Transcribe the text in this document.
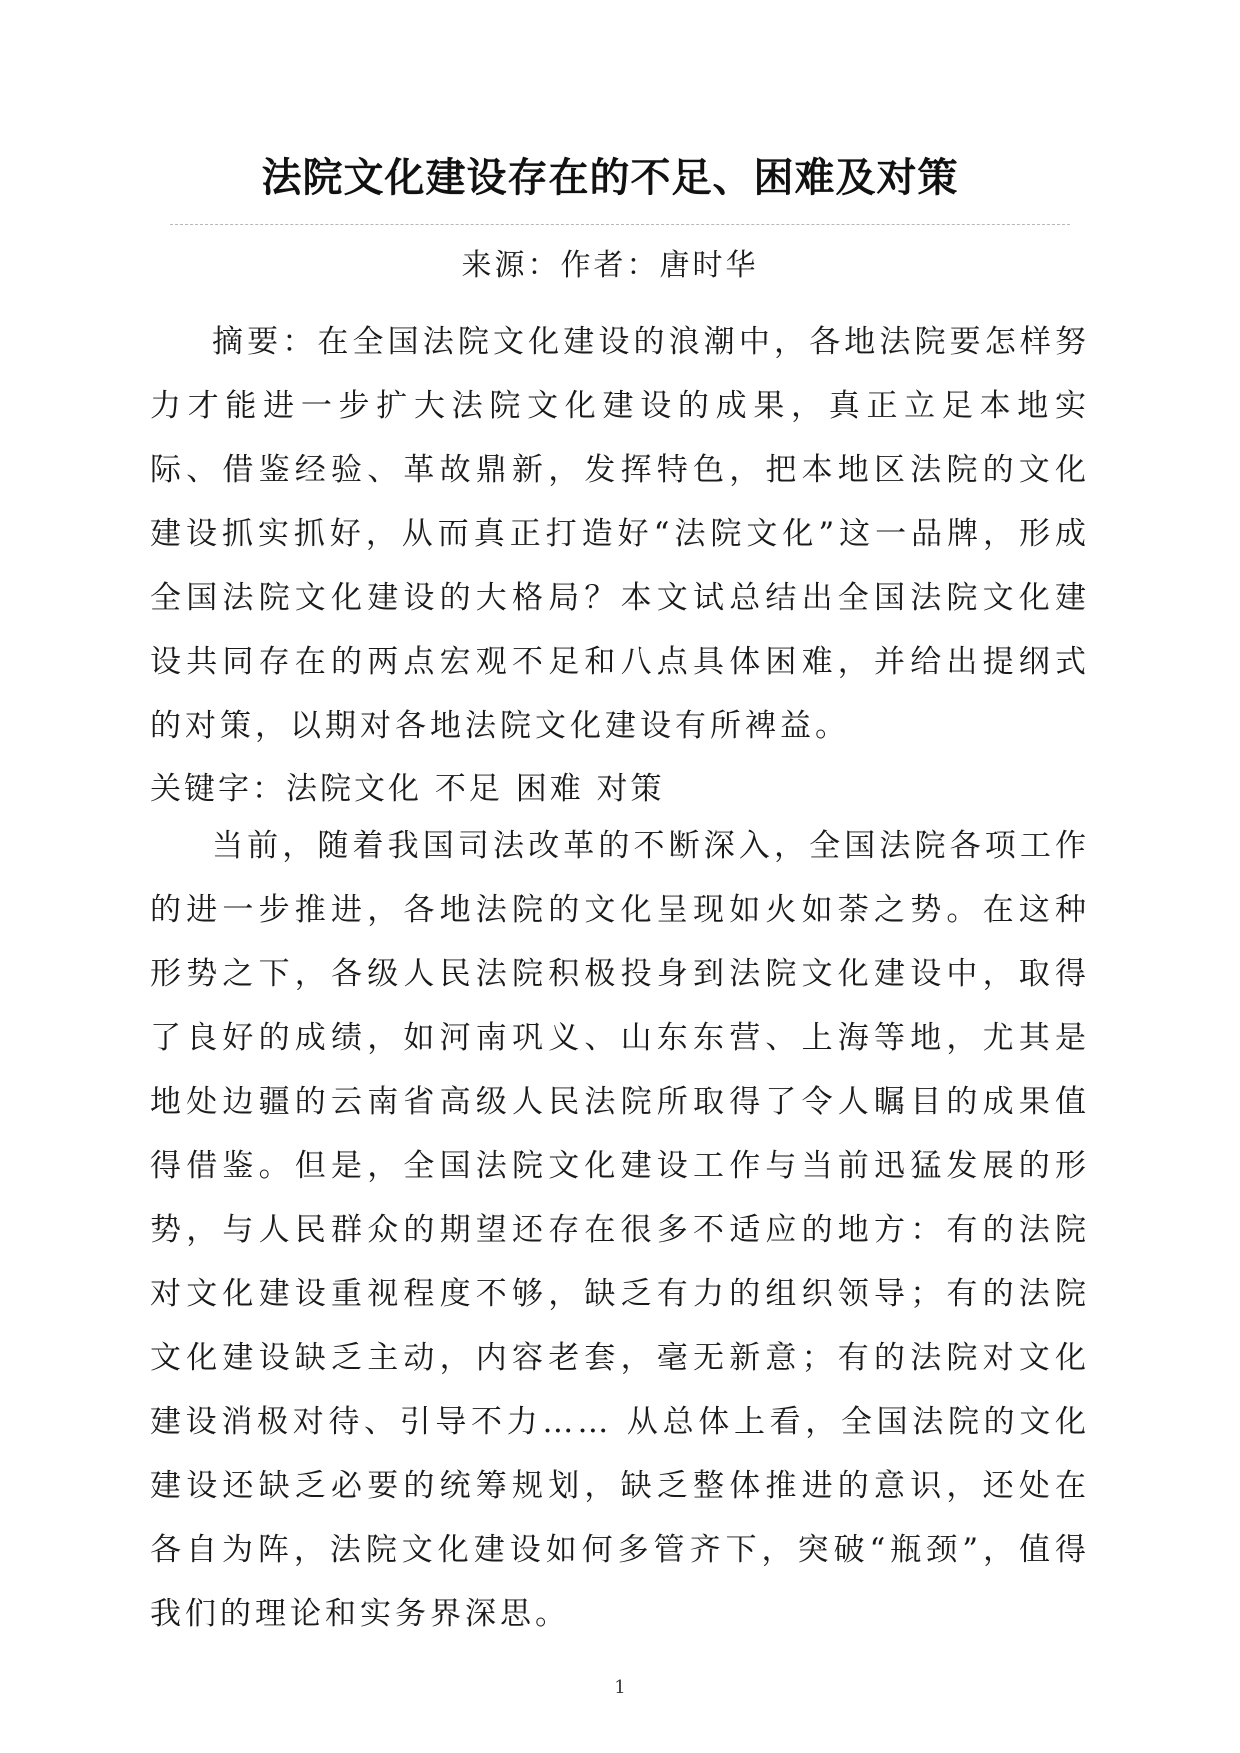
法院文化建设存在的不足、困难及对策
来源：作者：唐时华

摘要：在全国法院文化建设的浪潮中，各地法院要怎样努力才能进一步扩大法院文化建设的成果，真正立足本地实际、借鉴经验、革故鼎新，发挥特色，把本地区法院的文化建设抓实抓好，从而真正打造好“法院文化”这一品牌，形成全国法院文化建设的大格局？本文试总结出全国法院文化建设共同存在的两点宏观不足和八点具体困难，并给出提纲式的对策，以期对各地法院文化建设有所裨益。

关键字：法院文化 不足 困难 对策

当前，随着我国司法改革的不断深入，全国法院各项工作的进一步推进，各地法院的文化呈现如火如荼之势。在这种形势之下，各级人民法院积极投身到法院文化建设中，取得了良好的成绩，如河南巩义、山东东营、上海等地，尤其是地处边疆的云南省高级人民法院所取得了令人瞩目的成果值得借鉴。但是，全国法院文化建设工作与当前迅猛发展的形势，与人民群众的期望还存在很多不适应的地方：有的法院对文化建设重视程度不够，缺乏有力的组织领导；有的法院文化建设缺乏主动，内容老套，毫无新意；有的法院对文化建设消极对待、引导不力…… 从总体上看，全国法院的文化建设还缺乏必要的统筹规划，缺乏整体推进的意识，还处在各自为阵，法院文化建设如何多管齐下，突破“瓶颈”，值得我们的理论和实务界深思。

1
